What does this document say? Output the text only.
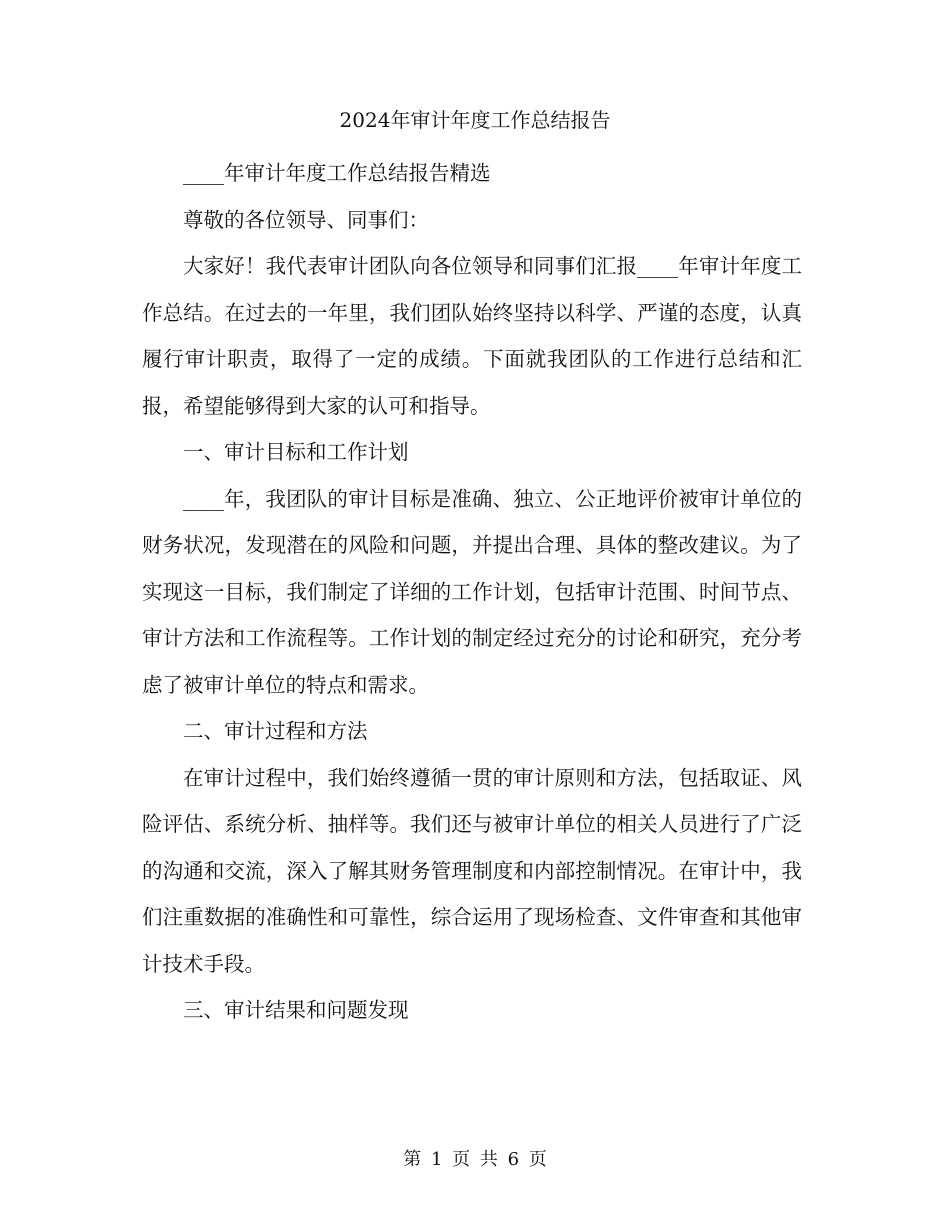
2024年审计年度工作总结报告

____年审计年度工作总结报告精选

尊敬的各位领导、同事们：

大家好！我代表审计团队向各位领导和同事们汇报____年审计年度工作总结。在过去的一年里，我们团队始终坚持以科学、严谨的态度，认真履行审计职责，取得了一定的成绩。下面就我团队的工作进行总结和汇报，希望能够得到大家的认可和指导。

一、审计目标和工作计划

____年，我团队的审计目标是准确、独立、公正地评价被审计单位的财务状况，发现潜在的风险和问题，并提出合理、具体的整改建议。为了实现这一目标，我们制定了详细的工作计划，包括审计范围、时间节点、审计方法和工作流程等。工作计划的制定经过充分的讨论和研究，充分考虑了被审计单位的特点和需求。

二、审计过程和方法

在审计过程中，我们始终遵循一贯的审计原则和方法，包括取证、风险评估、系统分析、抽样等。我们还与被审计单位的相关人员进行了广泛的沟通和交流，深入了解其财务管理制度和内部控制情况。在审计中，我们注重数据的准确性和可靠性，综合运用了现场检查、文件审查和其他审计技术手段。

三、审计结果和问题发现

第 1 页 共 6 页
